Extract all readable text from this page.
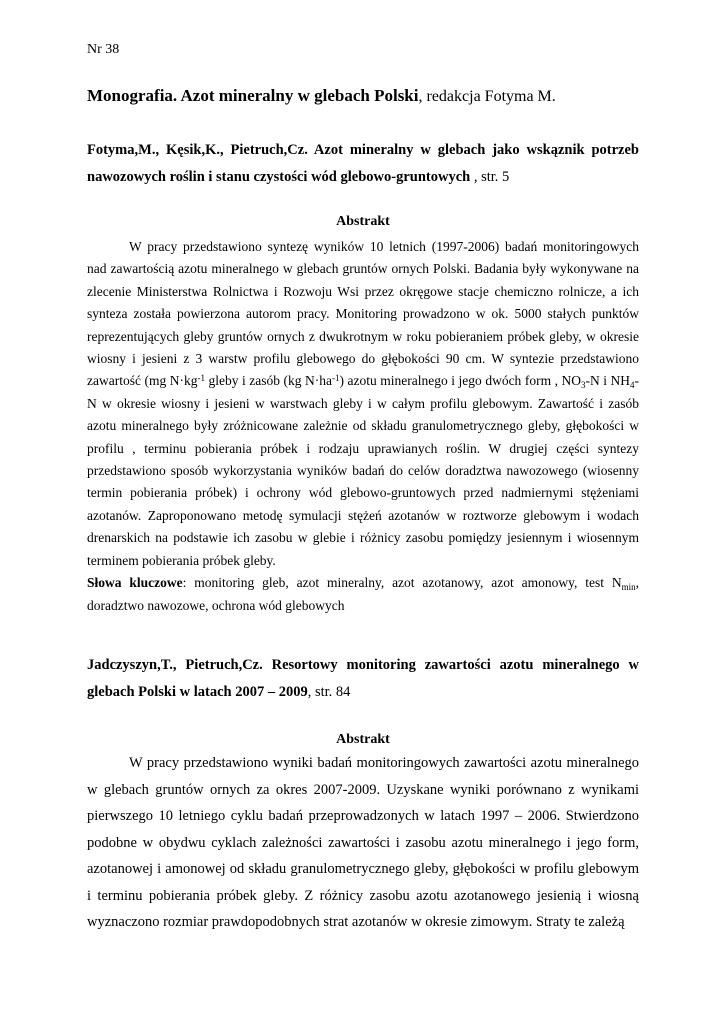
Nr 38
Monografia. Azot mineralny w glebach Polski, redakcja Fotyma M.
Fotyma,M., Kęsik,K., Pietruch,Cz. Azot mineralny w glebach jako wskąznik potrzeb nawozowych roślin i stanu czystości wód glebowo-gruntowych , str. 5
Abstrakt

W pracy przedstawiono syntezę wyników 10 letnich (1997-2006) badań monitoringowych nad zawartością azotu mineralnego w glebach gruntów ornych Polski. Badania były wykonywane na zlecenie Ministerstwa Rolnictwa i Rozwoju Wsi przez okręgowe stacje chemiczno rolnicze, a ich synteza została powierzona autorom pracy. Monitoring prowadzono w ok. 5000 stałych punktów reprezentujących gleby gruntów ornych z dwukrotnym w roku pobieraniem próbek gleby, w okresie wiosny i jesieni z 3 warstw profilu glebowego do głębokości 90 cm. W syntezie przedstawiono zawartość (mg $N\cdot kg^{-1}$ gleby i zasób (kg $N\cdot ha^{-1}$) azotu mineralnego i jego dwóch form , $NO_3-N$ i $NH_4-N$ w okresie wiosny i jesieni w warstwach gleby i w całym profilu glebowym. Zawartość i zasób azotu mineralnego były zróżnicowane zależnie od składu granulometrycznego gleby, głębokości w profilu , terminu pobierania próbek i rodzaju uprawianych roślin. W drugiej części syntezy przedstawiono sposób wykorzystania wyników badań do celów doradztwa nawozowego (wiosenny termin pobierania próbek) i ochrony wód glebowo-gruntowych przed nadmiernymi stężeniami azotanów. Zaproponowano metodę symulacji stężeń azotanów w roztworze glebowym i wodach drenarskich na podstawie ich zasobu w glebie i różnicy zasobu pomiędzy jesiennym i wiosennym terminem pobierania próbek gleby.

Słowa kluczowe: monitoring gleb, azot mineralny, azot azotanowy, azot amonowy, test $N_{min}$, doradztwo nawozowe, ochrona wód glebowych

Jadczyszyn,T., Pietruch,Cz. Resortowy monitoring zawartości azotu mineralnego w glebach Polski w latach 2007 – 2009, str. 84
Abstrakt

W pracy przedstawiono wyniki badań monitoringowych zawartości azotu mineralnego w glebach gruntów ornych za okres 2007-2009. Uzyskane wyniki porównano z wynikami pierwszego 10 letniego cyklu badań przeprowadzonych w latach 1997 – 2006. Stwierdzono podobne w obydwu cyklach zależności zawartości i zasobu azotu mineralnego i jego form, azotanowej i amonowej od składu granulometrycznego gleby, głębokości w profilu glebowym i terminu pobierania próbek gleby. Z różnicy zasobu azotu azotanowego jesienią i wiosną wyznaczono rozmiar prawdopodobnych strat azotanów w okresie zimowym. Straty te zależą
